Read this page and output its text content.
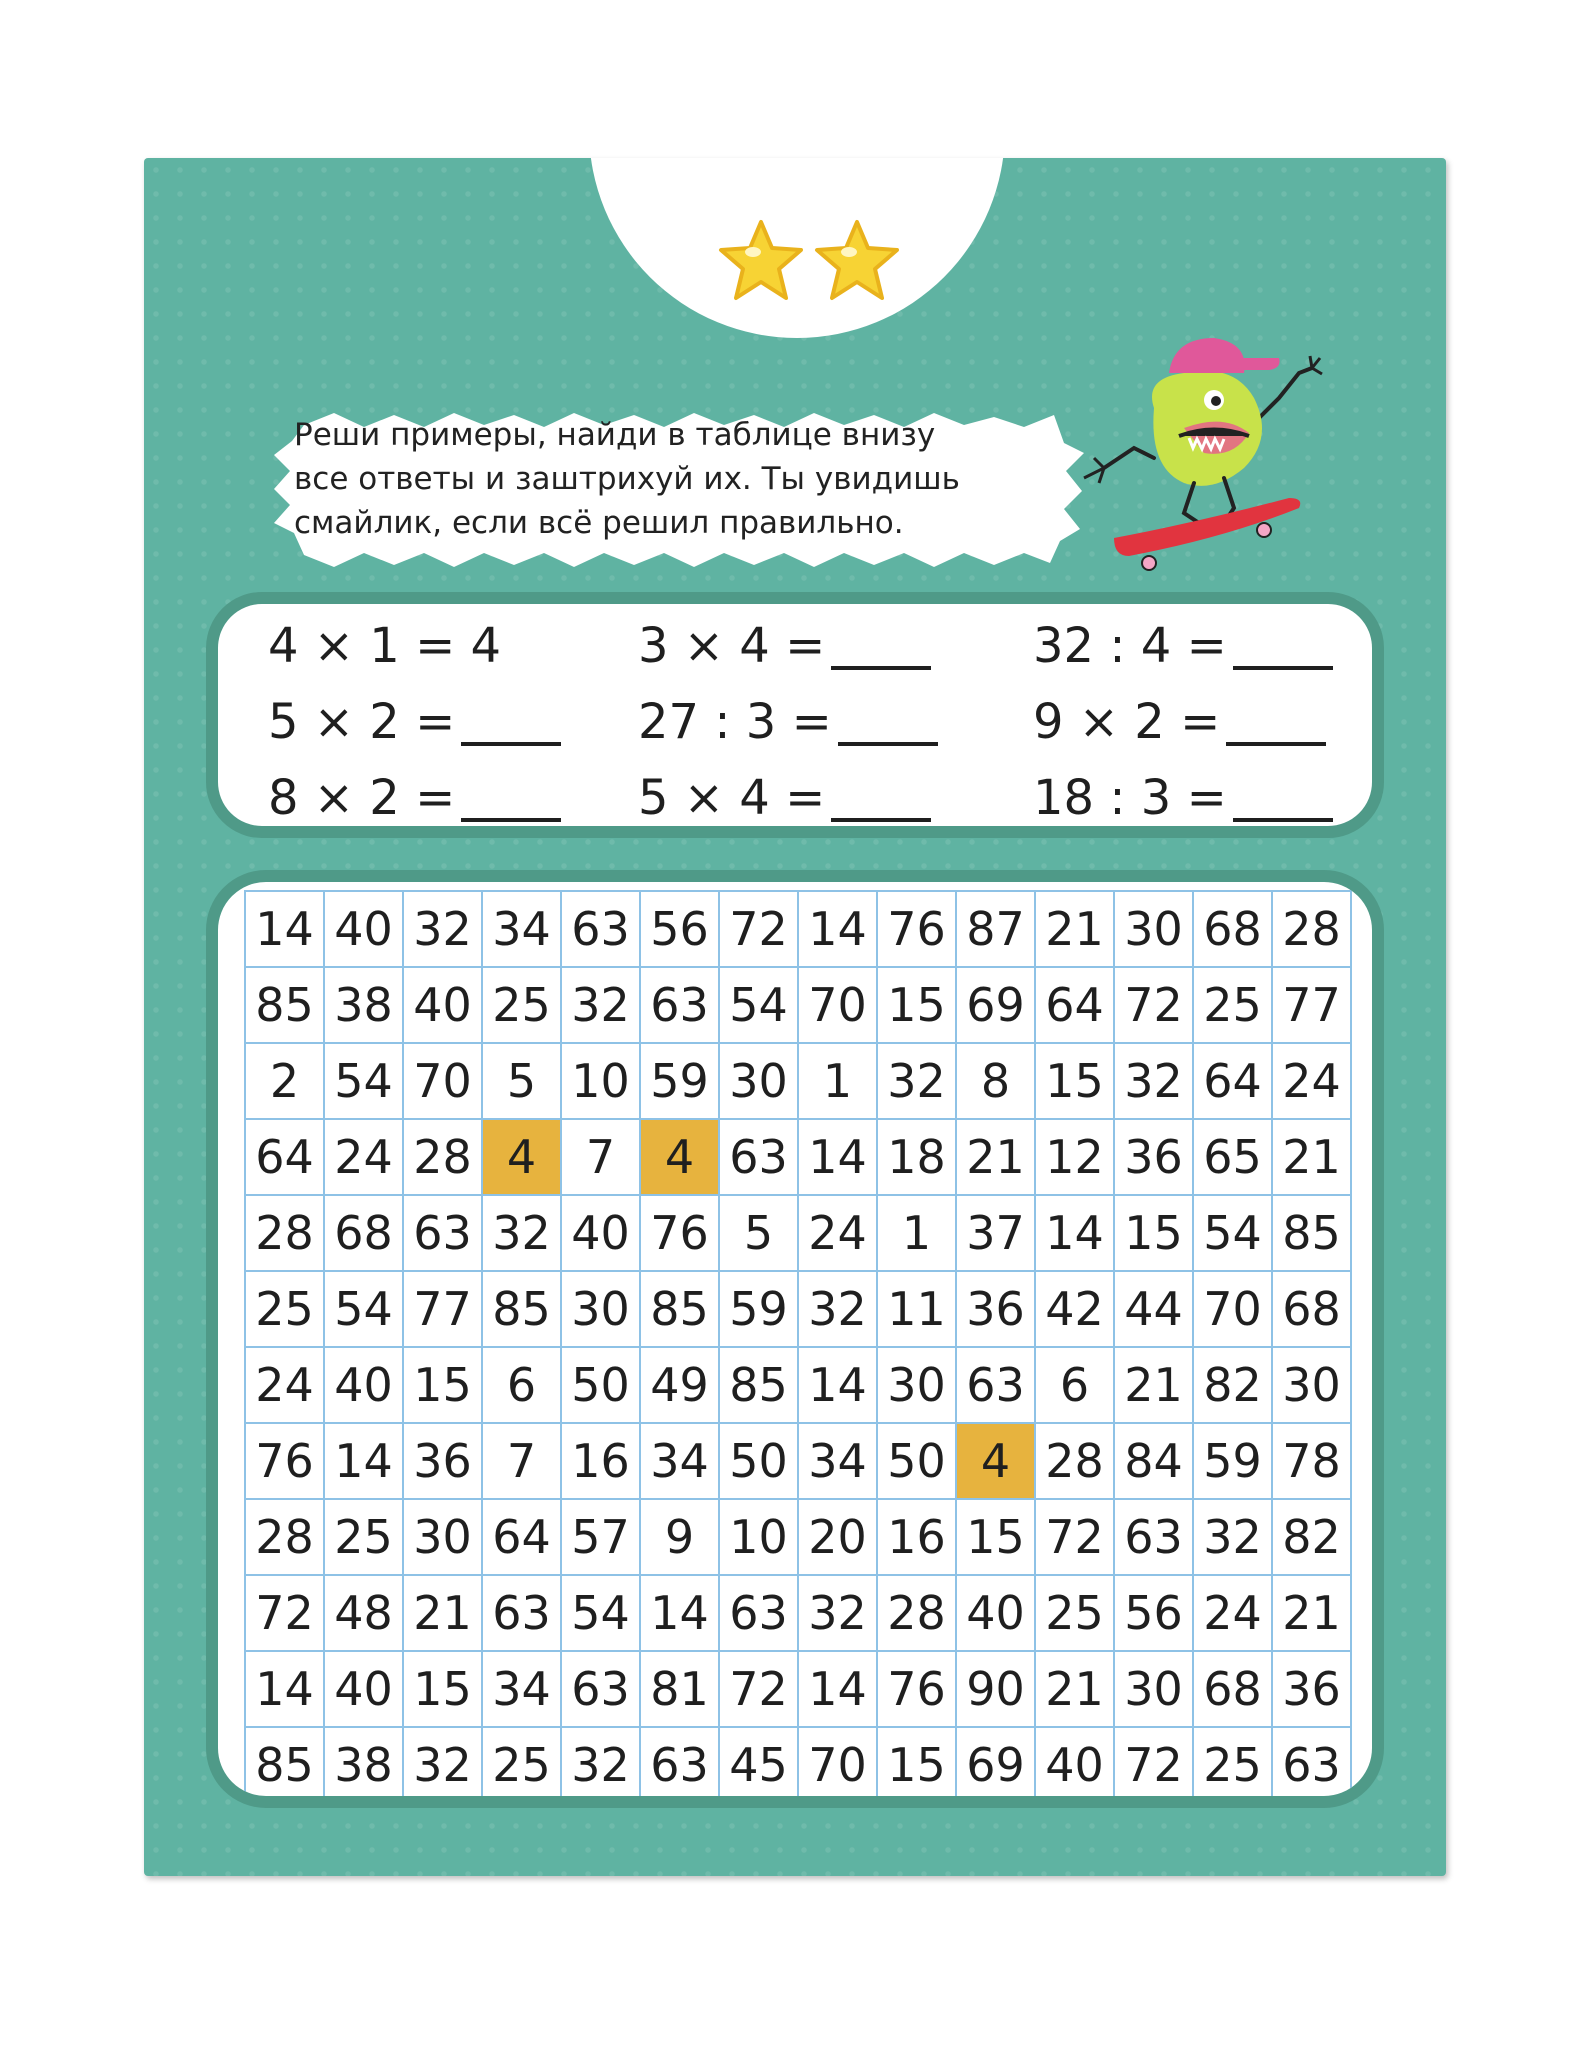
Реши примеры, найди в таблице внизу
все ответы и заштрихуй их. Ты увидишь
смайлик, если всё решил правильно.
4 × 1 = 4	3 × 4 =	32 : 4 =
5 × 2 =	27 : 3 =	9 × 2 =
8 × 2 =	5 × 4 =	18 : 3 =
14	40	32	34	63	56	72	14	76	87	21	30	68	28
85	38	40	25	32	63	54	70	15	69	64	72	25	77
2	54	70	5	10	59	30	1	32	8	15	32	64	24
64	24	28	4	7	4	63	14	18	21	12	36	65	21
28	68	63	32	40	76	5	24	1	37	14	15	54	85
25	54	77	85	30	85	59	32	11	36	42	44	70	68
24	40	15	6	50	49	85	14	30	63	6	21	82	30
76	14	36	7	16	34	50	34	50	4	28	84	59	78
28	25	30	64	57	9	10	20	16	15	72	63	32	82
72	48	21	63	54	14	63	32	28	40	25	56	24	21
14	40	15	34	63	81	72	14	76	90	21	30	68	36
85	38	32	25	32	63	45	70	15	69	40	72	25	63
